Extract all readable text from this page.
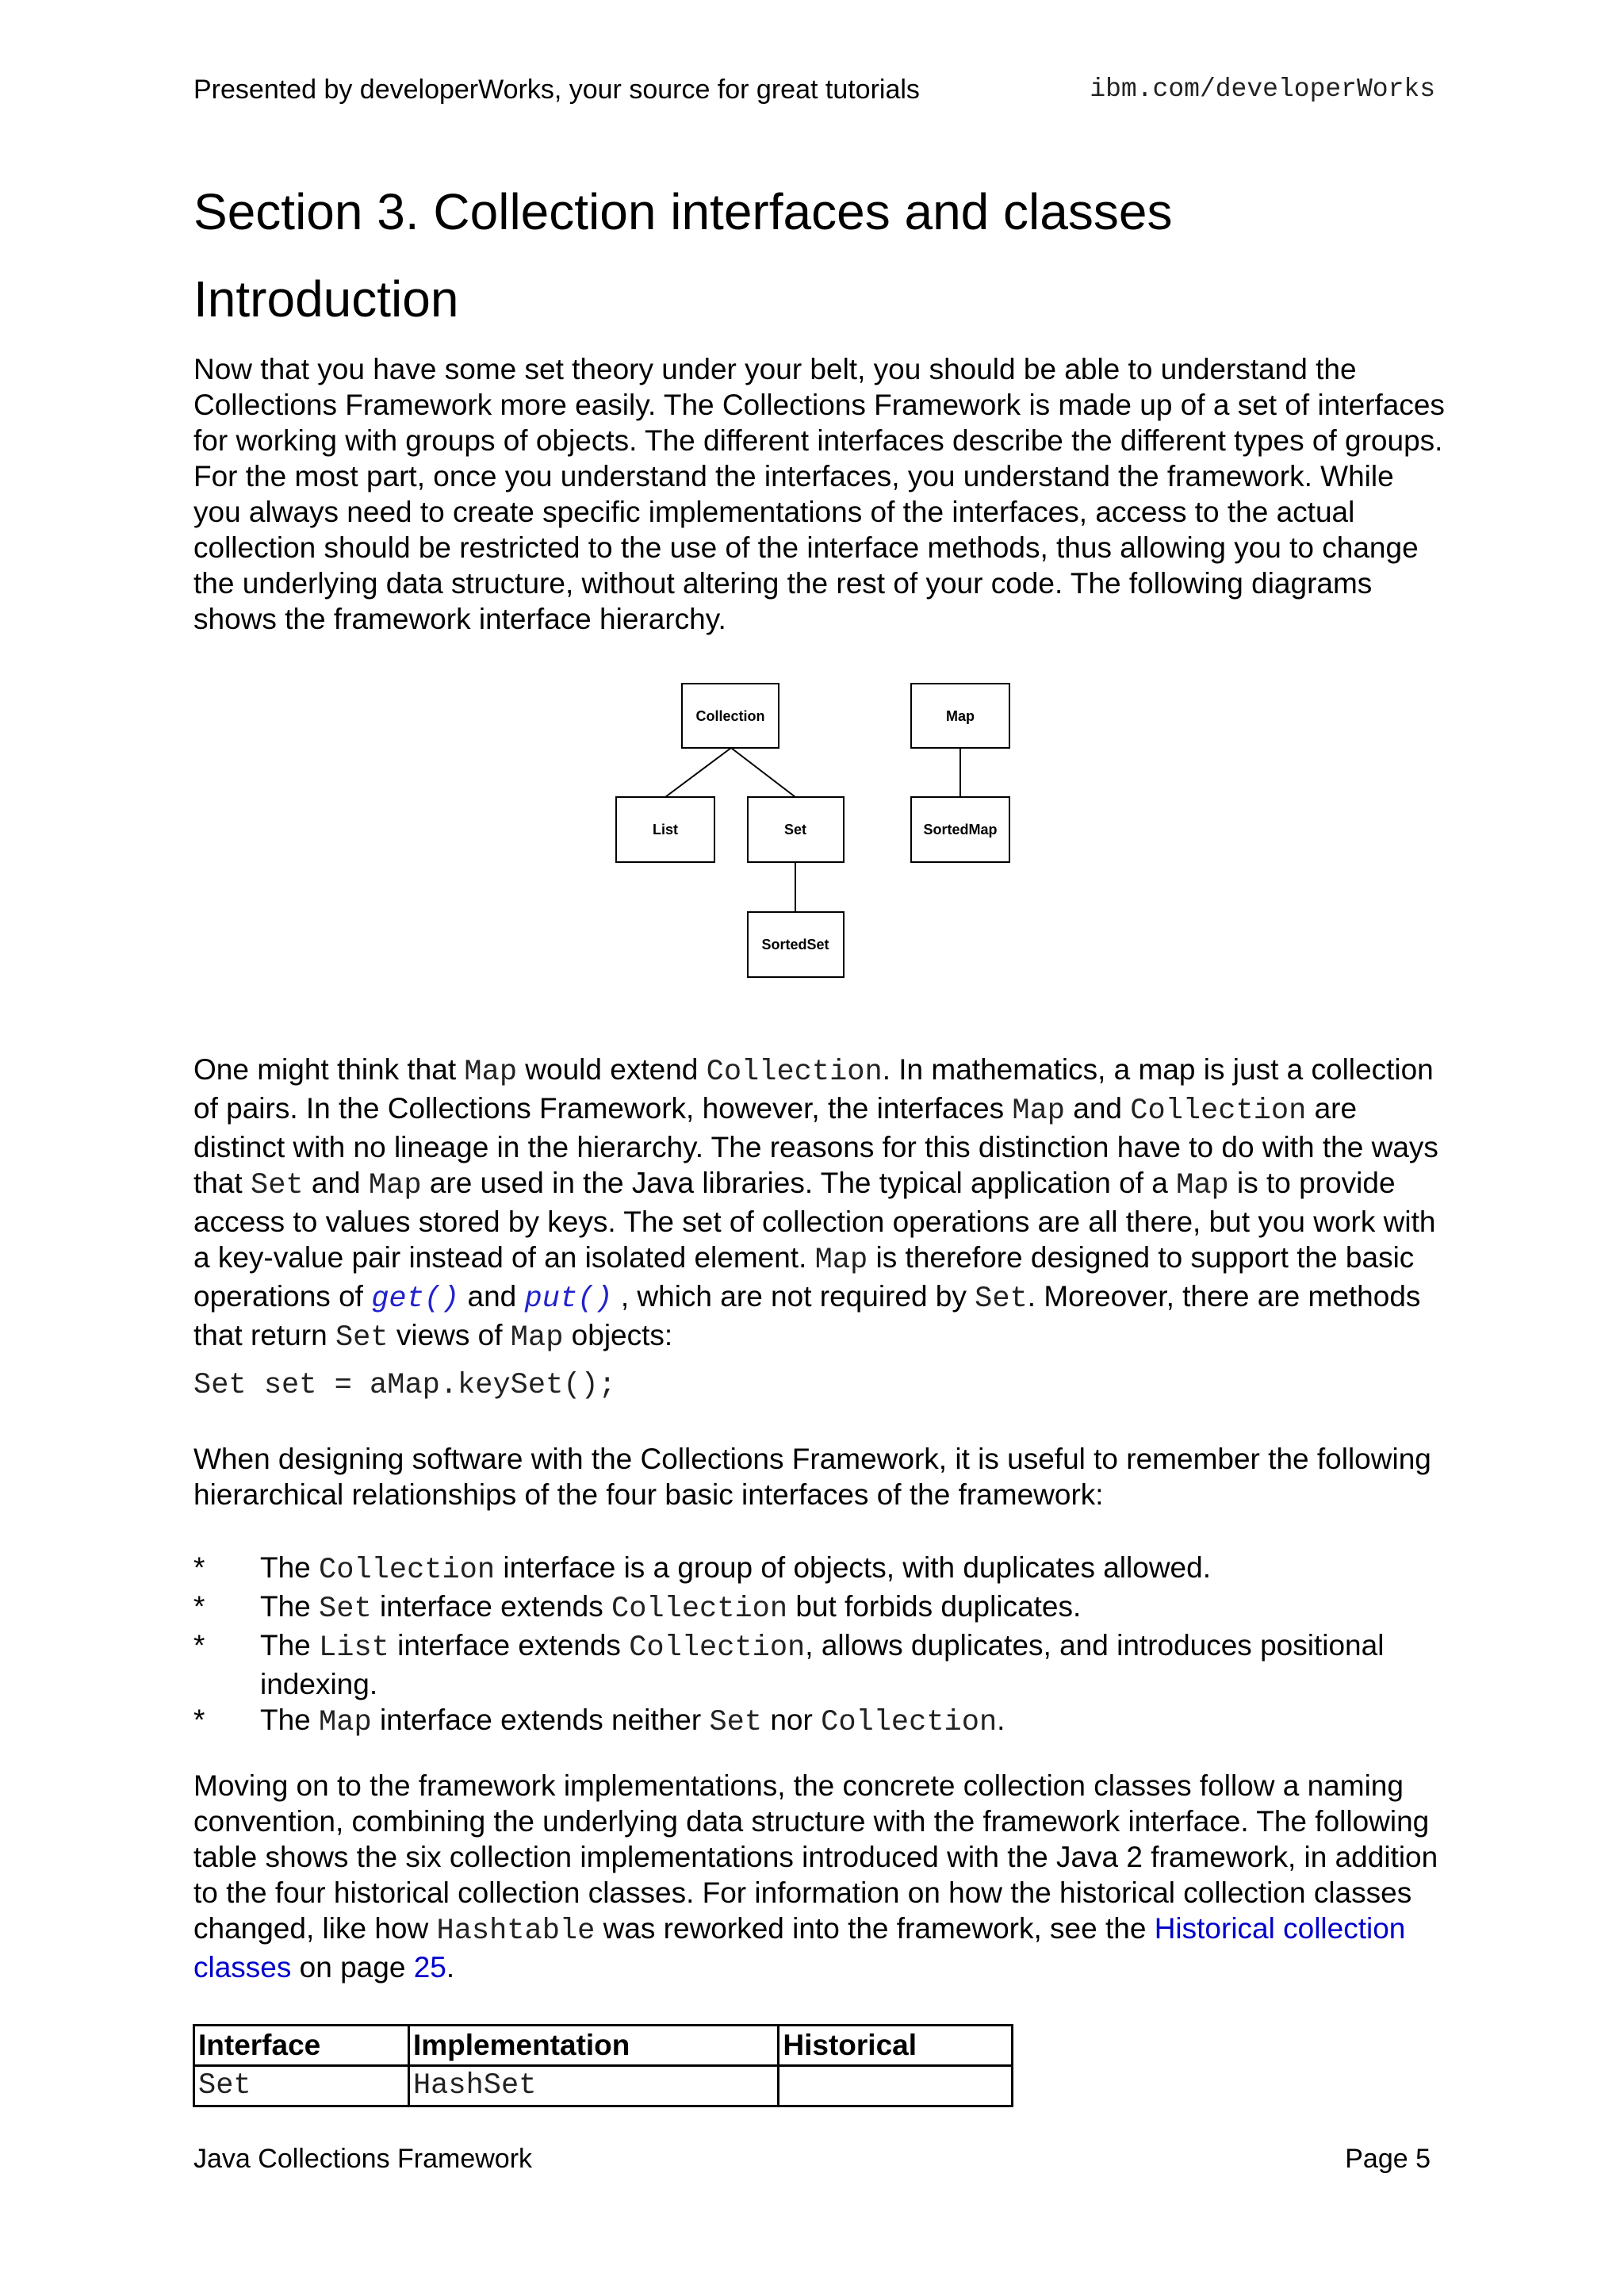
Presented by developerWorks, your source for great tutorials	ibm.com/developerWorks
Section 3. Collection interfaces and classes
Introduction

Now that you have some set theory under your belt, you should be able to understand the Collections Framework more easily. The Collections Framework is made up of a set of interfaces for working with groups of objects. The different interfaces describe the different types of groups. For the most part, once you understand the interfaces, you understand the framework. While you always need to create specific implementations of the interfaces, access to the actual collection should be restricted to the use of the interface methods, thus allowing you to change the underlying data structure, without altering the rest of your code. The following diagrams shows the framework interface hierarchy.

Collection	Map
List	Set	SortedMap
SortedSet

One might think that Map would extend Collection. In mathematics, a map is just a collection of pairs. In the Collections Framework, however, the interfaces Map and Collection are distinct with no lineage in the hierarchy. The reasons for this distinction have to do with the ways that Set and Map are used in the Java libraries. The typical application of a Map is to provide access to values stored by keys. The set of collection operations are all there, but you work with a key-value pair instead of an isolated element. Map is therefore designed to support the basic operations of get() and put() , which are not required by Set. Moreover, there are methods that return Set views of Map objects:

Set set = aMap.keySet();

When designing software with the Collections Framework, it is useful to remember the following hierarchical relationships of the four basic interfaces of the framework:

* The Collection interface is a group of objects, with duplicates allowed.
* The Set interface extends Collection but forbids duplicates.
* The List interface extends Collection, allows duplicates, and introduces positional indexing.
* The Map interface extends neither Set nor Collection.

Moving on to the framework implementations, the concrete collection classes follow a naming convention, combining the underlying data structure with the framework interface. The following table shows the six collection implementations introduced with the Java 2 framework, in addition to the four historical collection classes. For information on how the historical collection classes changed, like how Hashtable was reworked into the framework, see the Historical collection classes on page 25.

Interface	Implementation	Historical
Set	HashSet	
Java Collections Framework	Page 5
